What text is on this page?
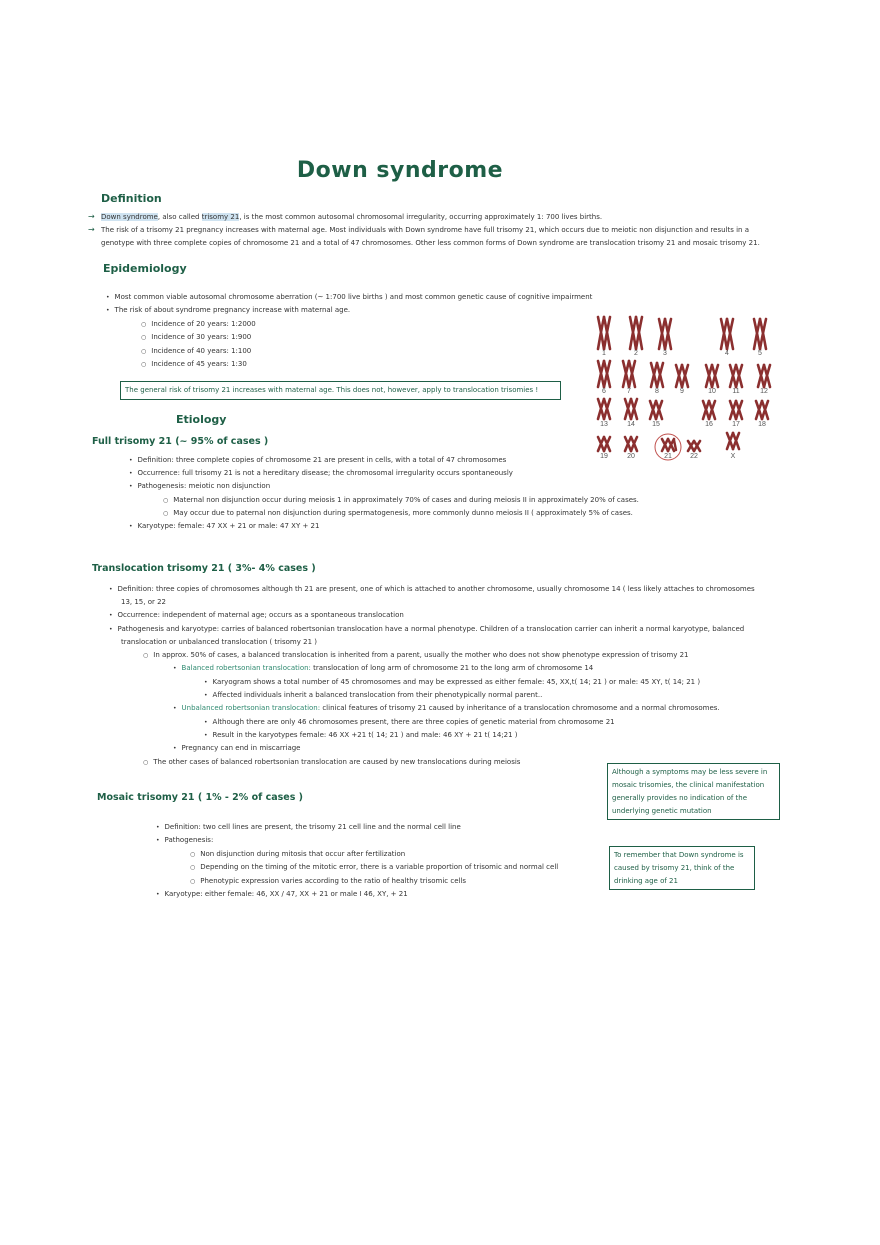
Down syndrome
Definition
→ Down syndrome, also called trisomy 21, is the most common autosomal chromosomal irregularity, occurring approximately 1: 700 lives births.
→ The risk of a trisomy 21 pregnancy increases with maternal age. Most individuals with Down syndrome have full trisomy 21, which occurs due to meiotic non disjunction and results in a
genotype with three complete copies of chromosome 21 and a total of 47 chromosomes. Other less common forms of Down syndrome are translocation trisomy 21 and mosaic trisomy 21.
Epidemiology
• Most common viable autosomal chromosome aberration (~ 1:700 live births ) and most common genetic cause of cognitive impairment
• The risk of about syndrome pregnancy increase with maternal age.
○ Incidence of 20 years: 1:2000
○ Incidence of 30 years: 1:900
○ Incidence of 40 years: 1:100
○ Incidence of 45 years: 1:30
The general risk of trisomy 21 increases with maternal age. This does not, however, apply to translocation trisomies !
1	2	3	4	5
6	7	8	9	10 11	12
13	14 15	16	17	18
19	20	21	22	X
Etiology
Full trisomy 21 (~ 95% of cases )
• Definition: three complete copies of chromosome 21 are present in cells, with a total of 47 chromosomes
• Occurrence: full trisomy 21 is not a hereditary disease; the chromosomal irregularity occurs spontaneously
• Pathogenesis: meiotic non disjunction
○ Maternal non disjunction occur during meiosis 1 in approximately 70% of cases and during meiosis II in approximately 20% of cases.
○ May occur due to paternal non disjunction during spermatogenesis, more commonly dunno meiosis II ( approximately 5% of cases.
• Karyotype: female: 47 XX + 21 or male: 47 XY + 21
Translocation trisomy 21 ( 3%- 4% cases )
• Definition: three copies of chromosomes although th 21 are present, one of which is attached to another chromosome, usually chromosome 14 ( less likely attaches to chromosomes
13, 15, or 22
• Occurrence: independent of maternal age; occurs as a spontaneous translocation
• Pathogenesis and karyotype: carries of balanced robertsonian translocation have a normal phenotype. Children of a translocation carrier can inherit a normal karyotype, balanced
translocation or unbalanced translocation ( trisomy 21 )
○ In approx. 50% of cases, a balanced translocation is inherited from a parent, usually the mother who does not show phenotype expression of trisomy 21
• Balanced robertsonian translocation: translocation of long arm of chromosome 21 to the long arm of chromosome 14
• Karyogram shows a total number of 45 chromosomes and may be expressed as either female: 45, XX,t( 14; 21 ) or male: 45 XY, t( 14; 21 )
• Affected individuals inherit a balanced translocation from their phenotypically normal parent..
• Unbalanced robertsonian translocation: clinical features of trisomy 21 caused by inheritance of a translocation chromosome and a normal chromosomes.
• Although there are only 46 chromosomes present, there are three copies of genetic material from chromosome 21
• Result in the karyotypes female: 46 XX +21 t( 14; 21 ) and male: 46 XY + 21 t( 14;21 )
• Pregnancy can end in miscarriage
○ The other cases of balanced robertsonian translocation are caused by new translocations during meiosis
Although a symptoms may be less severe in mosaic trisomies, the clinical manifestation generally provides no indication of the underlying genetic mutation
Mosaic trisomy 21 ( 1% - 2% of cases )
• Definition: two cell lines are present, the trisomy 21 cell line and the normal cell line
• Pathogenesis:
○ Non disjunction during mitosis that occur after fertilization
○ Depending on the timing of the mitotic error, there is a variable proportion of trisomic and normal cell
○ Phenotypic expression varies according to the ratio of healthy trisomic cells
• Karyotype: either female: 46, XX / 47, XX + 21 or male I 46, XY, + 21
To remember that Down syndrome is caused by trisomy 21, think of the drinking age of 21
